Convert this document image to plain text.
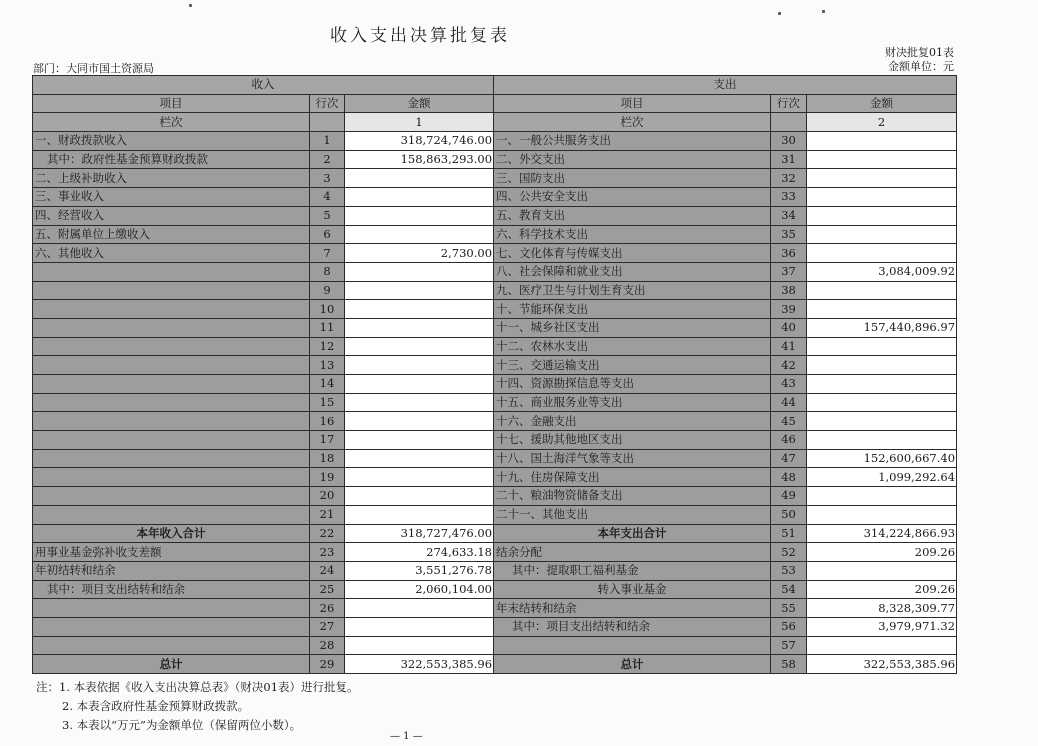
收入支出决算批复表
财决批复01表
金额单位：元
部门：大同市国土资源局
收入			支出		
项目	行次	金额	项目	行次	金额
栏次		1	栏次		2
一、财政拨款收入	1	318,724,746.00	一、一般公共服务支出	30	
其中：政府性基金预算财政拨款	2	158,863,293.00	二、外交支出	31	
二、上级补助收入	3		三、国防支出	32	
三、事业收入	4		四、公共安全支出	33	
四、经营收入	5		五、教育支出	34	
五、附属单位上缴收入	6		六、科学技术支出	35	
六、其他收入	7	2,730.00	七、文化体育与传媒支出	36	
	8		八、社会保障和就业支出	37	3,084,009.92
	9		九、医疗卫生与计划生育支出	38	
	10		十、节能环保支出	39	
	11		十一、城乡社区支出	40	157,440,896.97
	12		十二、农林水支出	41	
	13		十三、交通运输支出	42	
	14		十四、资源勘探信息等支出	43	
	15		十五、商业服务业等支出	44	
	16		十六、金融支出	45	
	17		十七、援助其他地区支出	46	
	18		十八、国土海洋气象等支出	47	152,600,667.40
	19		十九、住房保障支出	48	1,099,292.64
	20		二十、粮油物资储备支出	49	
	21		二十一、其他支出	50	
本年收入合计	22	318,727,476.00	本年支出合计	51	314,224,866.93
用事业基金弥补收支差额	23	274,633.18	结余分配	52	209.26
年初结转和结余	24	3,551,276.78	其中：提取职工福利基金	53	
其中：项目支出结转和结余	25	2,060,104.00	转入事业基金	54	209.26
	26		年末结转和结余	55	8,328,309.77
	27		其中：项目支出结转和结余	56	3,979,971.32
	28			57	
总计	29	322,553,385.96	总计	58	322,553,385.96
注：1. 本表依据《收入支出决算总表》（财决01表）进行批复。
2. 本表含政府性基金预算财政拨款。
3. 本表以“万元”为金额单位（保留两位小数）。
— 1 —
